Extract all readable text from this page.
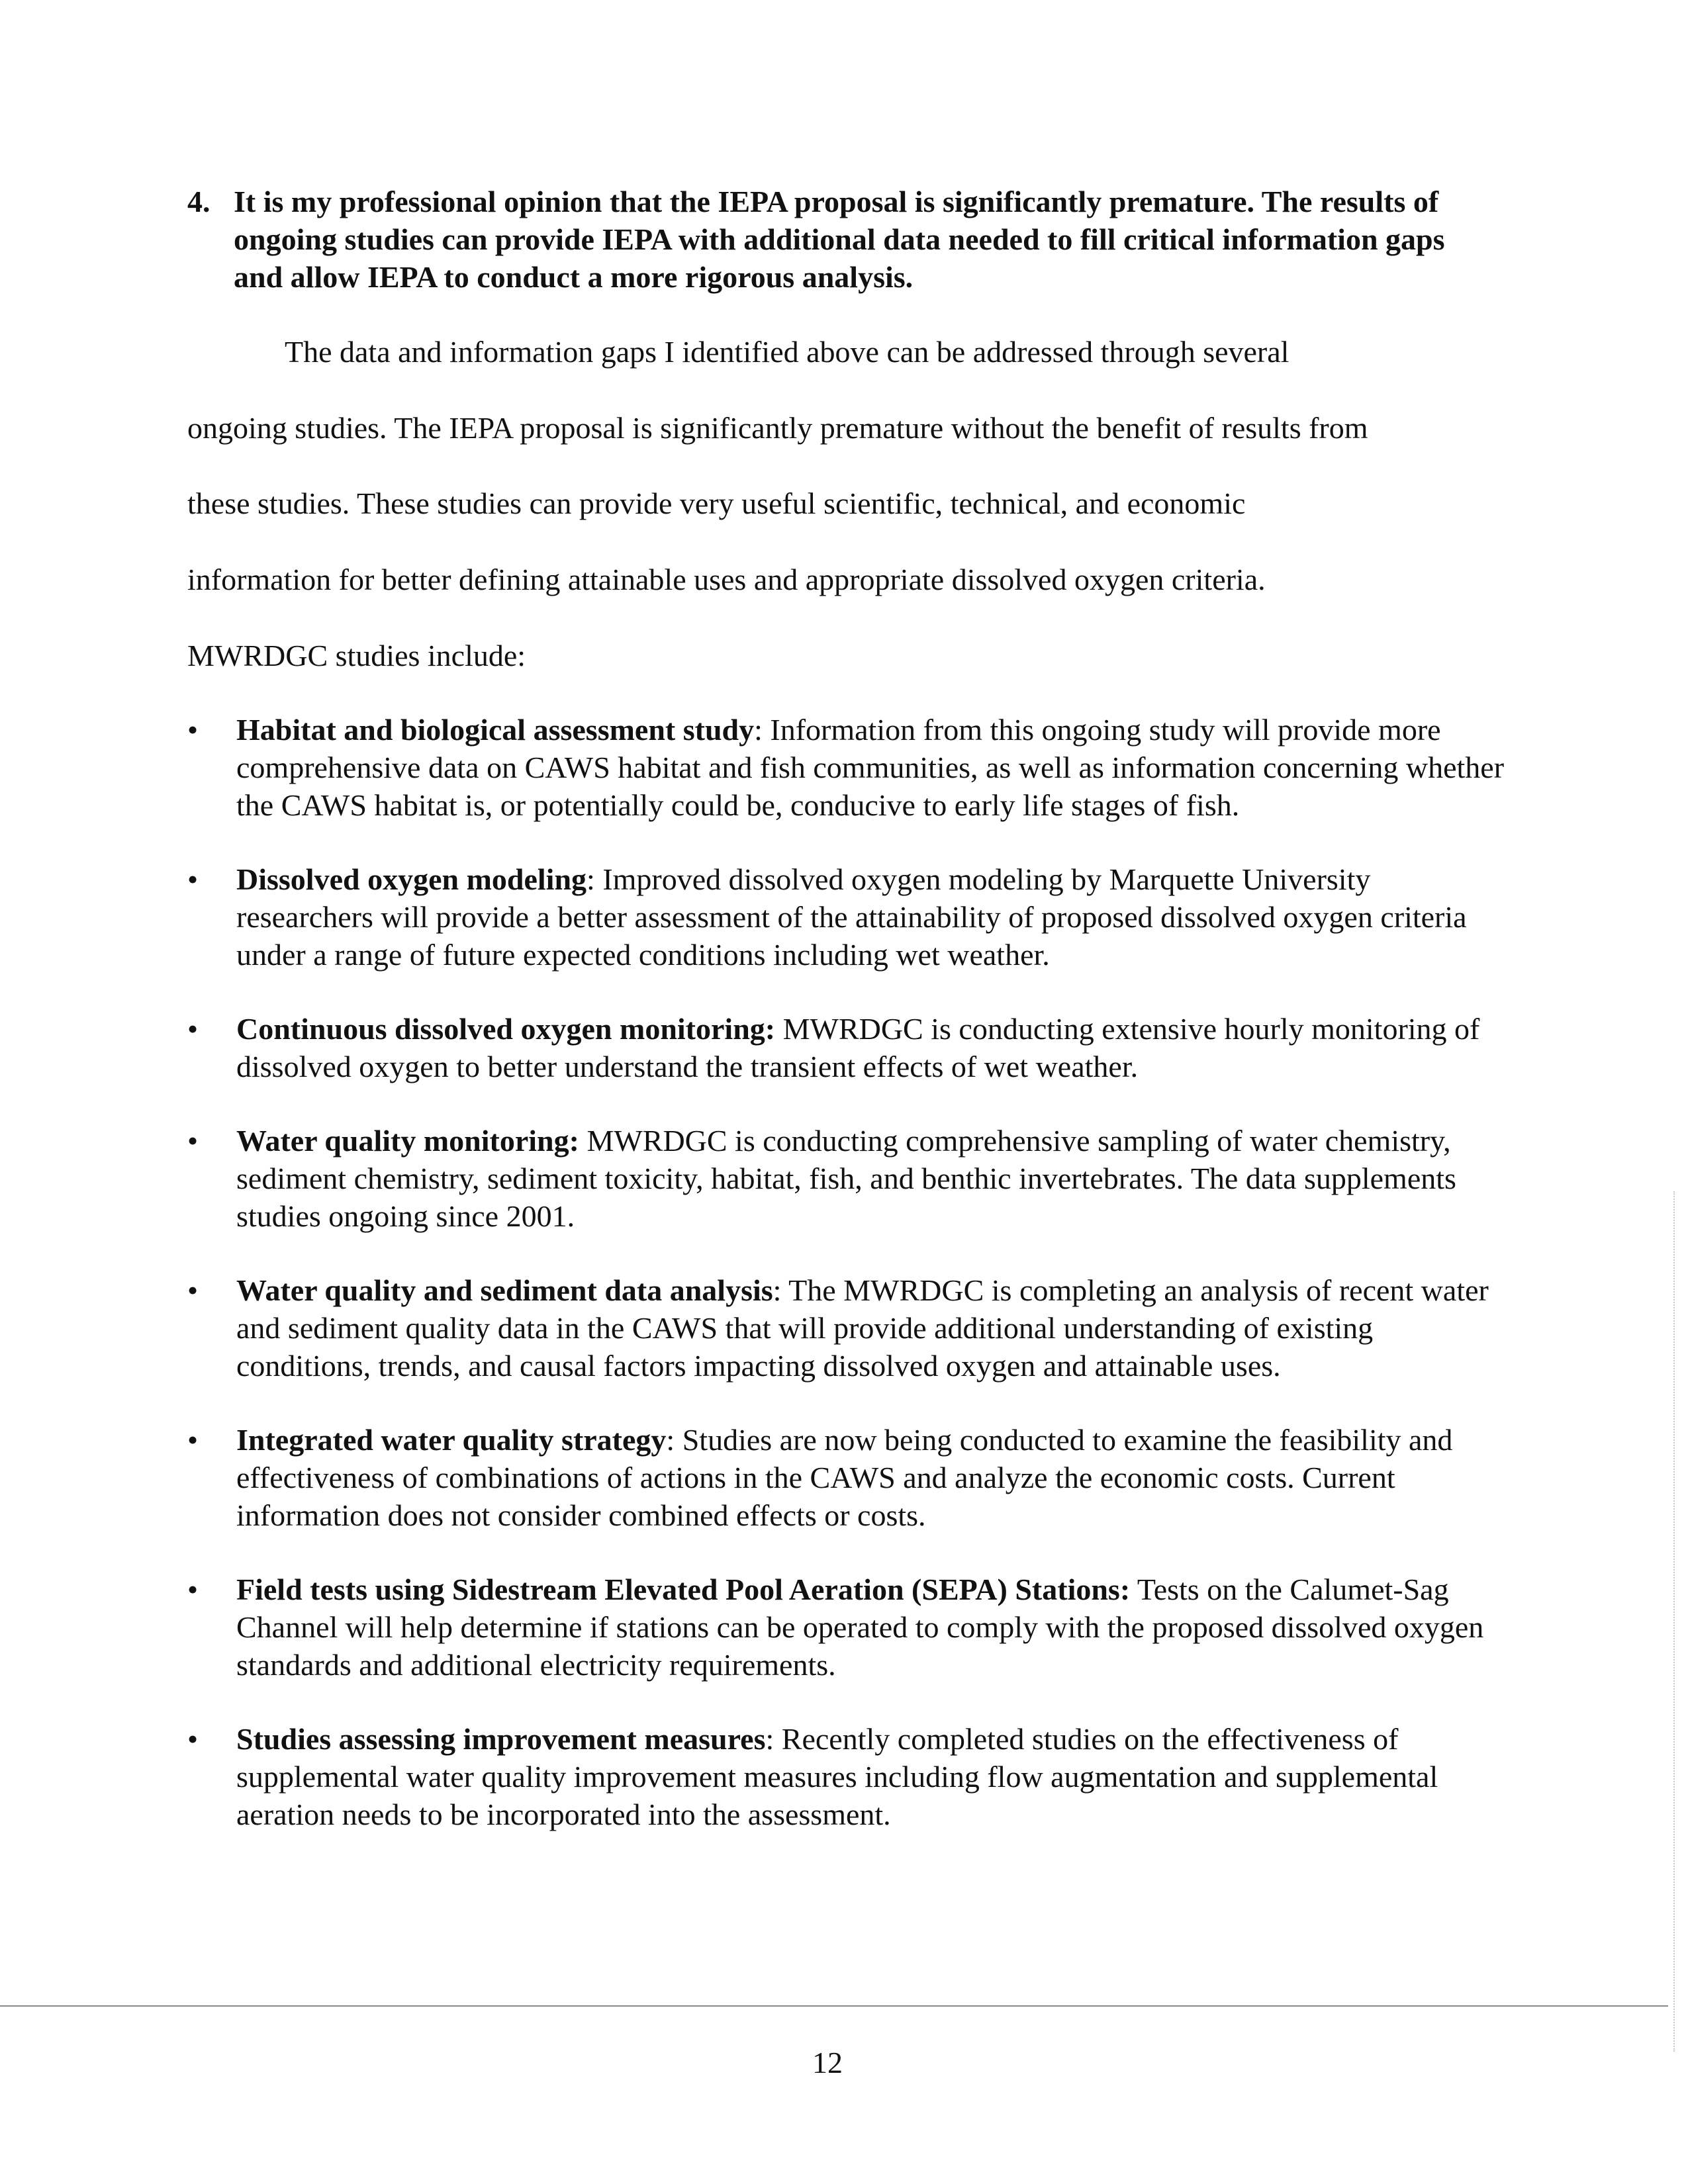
4. It is my professional opinion that the IEPA proposal is significantly premature. The results of ongoing studies can provide IEPA with additional data needed to fill critical information gaps and allow IEPA to conduct a more rigorous analysis.
The data and information gaps I identified above can be addressed through several
ongoing studies. The IEPA proposal is significantly premature without the benefit of results from
these studies. These studies can provide very useful scientific, technical, and economic
information for better defining attainable uses and appropriate dissolved oxygen criteria.
MWRDGC studies include:
•	Habitat and biological assessment study: Information from this ongoing study will provide more comprehensive data on CAWS habitat and fish communities, as well as information concerning whether the CAWS habitat is, or potentially could be, conducive to early life stages of fish.
•	Dissolved oxygen modeling: Improved dissolved oxygen modeling by Marquette University researchers will provide a better assessment of the attainability of proposed dissolved oxygen criteria under a range of future expected conditions including wet weather.
•	Continuous dissolved oxygen monitoring: MWRDGC is conducting extensive hourly monitoring of dissolved oxygen to better understand the transient effects of wet weather.
•	Water quality monitoring: MWRDGC is conducting comprehensive sampling of water chemistry, sediment chemistry, sediment toxicity, habitat, fish, and benthic invertebrates. The data supplements studies ongoing since 2001.
•	Water quality and sediment data analysis: The MWRDGC is completing an analysis of recent water and sediment quality data in the CAWS that will provide additional understanding of existing conditions, trends, and causal factors impacting dissolved oxygen and attainable uses.
•	Integrated water quality strategy: Studies are now being conducted to examine the feasibility and effectiveness of combinations of actions in the CAWS and analyze the economic costs. Current information does not consider combined effects or costs.
•	Field tests using Sidestream Elevated Pool Aeration (SEPA) Stations: Tests on the Calumet-Sag Channel will help determine if stations can be operated to comply with the proposed dissolved oxygen standards and additional electricity requirements.
•	Studies assessing improvement measures: Recently completed studies on the effectiveness of supplemental water quality improvement measures including flow augmentation and supplemental aeration needs to be incorporated into the assessment.
12
